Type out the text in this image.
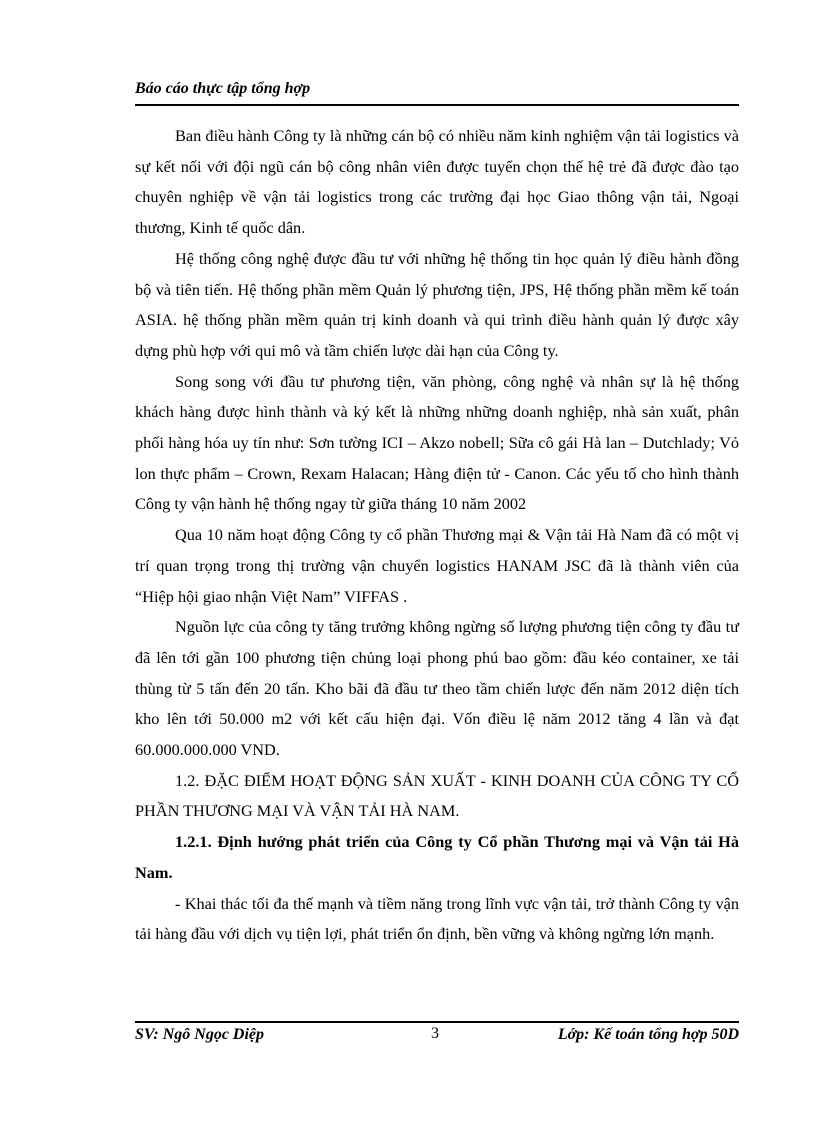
Báo cáo thực tập tổng hợp

Ban điều hành Công ty là những cán bộ có nhiều năm kinh nghiệm vận tải logistics và sự kết nối với đội ngũ cán bộ công nhân viên được tuyển chọn thế hệ trẻ đã được đào tạo chuyên nghiệp về vận tải logistics trong các trường đại học Giao thông vận tải, Ngoại thương, Kinh tế quốc dân.

Hệ thống công nghệ được đầu tư với những hệ thống tin học quản lý điều hành đồng bộ và tiên tiến. Hệ thống phần mềm Quản lý phương tiện, JPS, Hệ thống phần mềm kế toán ASIA. hệ thống phần mềm quản trị kinh doanh và qui trình điều hành quản lý được xây dựng phù hợp với qui mô và tầm chiến lược dài hạn của Công ty.

Song song với đầu tư phương tiện, văn phòng, công nghệ và nhân sự là hệ thống khách hàng được hình thành và ký kết là những những doanh nghiệp, nhà sản xuất, phân phối hàng hóa uy tín như: Sơn tường ICI – Akzo nobell; Sữa cô gái Hà lan – Dutchlady; Vỏ lon thực phẩm – Crown, Rexam Halacan; Hàng điện tử - Canon. Các yếu tố cho hình thành Công ty vận hành hệ thống ngay từ giữa tháng 10 năm 2002

Qua 10 năm hoạt động Công ty cổ phần Thương mại & Vận tải Hà Nam đã có một vị trí quan trọng trong thị trường vận chuyển logistics HANAM JSC đã là thành viên của “Hiệp hội giao nhận Việt Nam” VIFFAS .

Nguồn lực của công ty tăng trưởng không ngừng số lượng phương tiện công ty đầu tư đã lên tới gần 100 phương tiện chủng loại phong phú bao gồm: đầu kéo container, xe tải thùng từ 5 tấn đến 20 tấn. Kho bãi đã đầu tư theo tầm chiến lược đến năm 2012 diện tích kho lên tới 50.000 m2 với kết cấu hiện đại. Vốn điều lệ năm 2012 tăng 4 lần và đạt 60.000.000.000 VND.

1.2. ĐẶC ĐIỂM HOẠT ĐỘNG SẢN XUẤT - KINH DOANH CỦA CÔNG TY CỔ PHẦN THƯƠNG MẠI VÀ VẬN TẢI HÀ NAM.

1.2.1. Định hướng phát triển của Công ty Cổ phần Thương mại và Vận tải Hà Nam.

- Khai thác tối đa thế mạnh và tiềm năng trong lĩnh vực vận tải, trở thành Công ty vận tải hàng đầu với dịch vụ tiện lợi, phát triển ổn định, bền vững và không ngừng lớn mạnh.

SV: Ngô Ngọc Diệp	3	Lớp: Kế toán tổng hợp 50D
